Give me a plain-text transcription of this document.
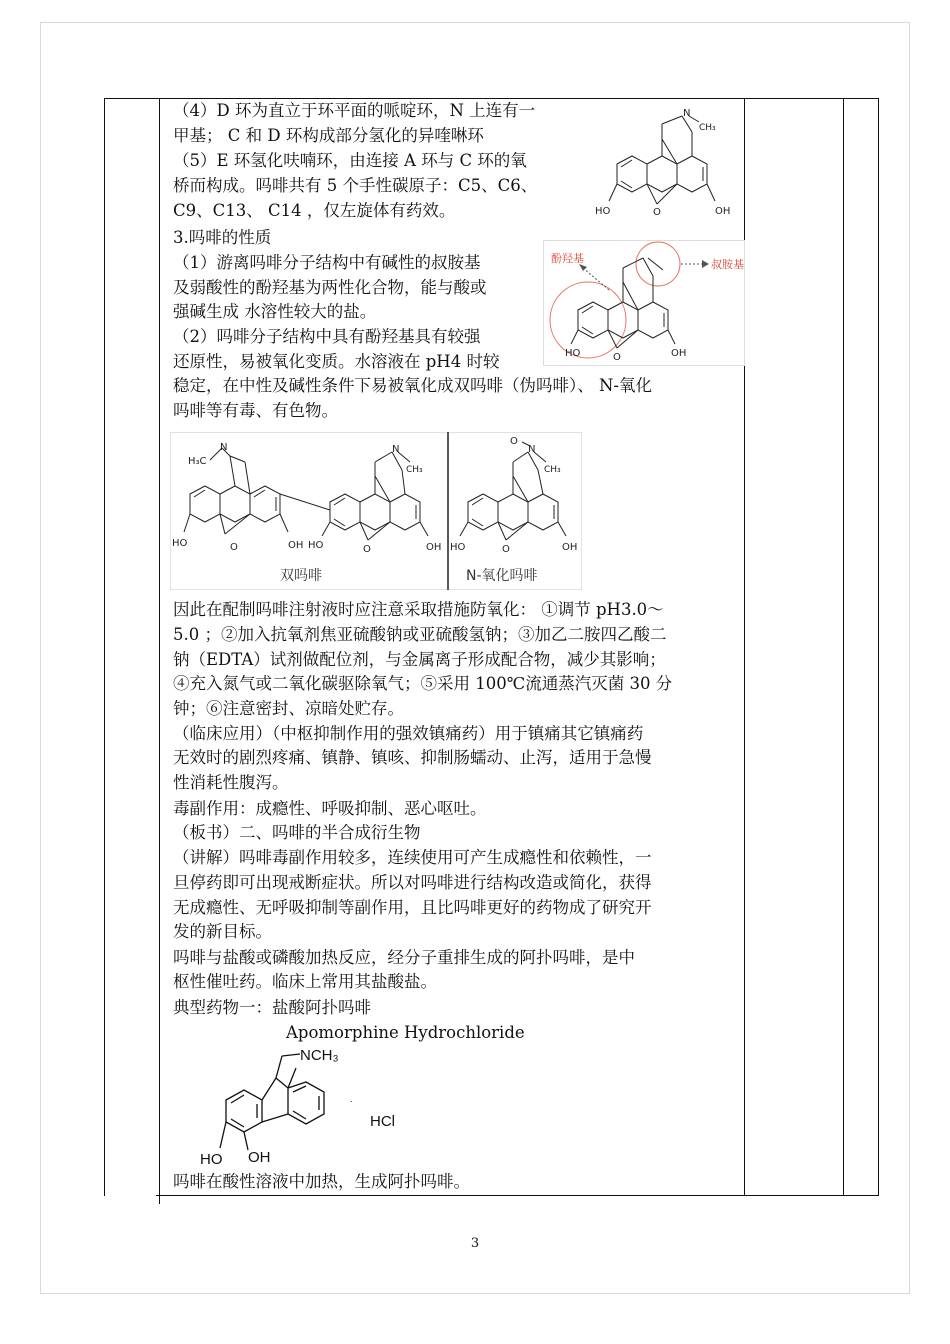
（4）D 环为直立于环平面的哌啶环，N 上连有一
甲基； C 和 D 环构成部分氢化的异喹啉环
（5）E 环氢化呋喃环，由连接 A 环与 C 环的氧
桥而构成。吗啡共有 5 个手性碳原子：C5、C6、
C9、C13、 C14 ，仅左旋体有药效。
3.吗啡的性质
（1）游离吗啡分子结构中有碱性的叔胺基
及弱酸性的酚羟基为两性化合物，能与酸或
强碱生成 水溶性较大的盐。
（2）吗啡分子结构中具有酚羟基具有较强
还原性，易被氧化变质。水溶液在 pH4 时较
稳定，在中性及碱性条件下易被氧化成双吗啡（伪吗啡）、 N-氧化
吗啡等有毒、有色物。
因此在配制吗啡注射液时应注意采取措施防氧化： ①调节 pH3.0～
5.0 ；②加入抗氧剂焦亚硫酸钠或亚硫酸氢钠；③加乙二胺四乙酸二
钠（EDTA）试剂做配位剂，与金属离子形成配合物，减少其影响；
④充入氮气或二氧化碳驱除氧气；⑤采用 100℃流通蒸汽灭菌 30 分
钟；⑥注意密封、凉暗处贮存。
（临床应用）（中枢抑制作用的强效镇痛药）用于镇痛其它镇痛药
无效时的剧烈疼痛、镇静、镇咳、抑制肠蠕动、止泻，适用于急慢
性消耗性腹泻。
毒副作用：成瘾性、呼吸抑制、恶心呕吐。
（板书）二、吗啡的半合成衍生物
（讲解）吗啡毒副作用较多，连续使用可产生成瘾性和依赖性，一
旦停药即可出现戒断症状。所以对吗啡进行结构改造或简化，获得
无成瘾性、无呼吸抑制等副作用，且比吗啡更好的药物成了研究开
发的新目标。
吗啡与盐酸或磷酸加热反应，经分子重排生成的阿扑吗啡，是中
枢性催吐药。临床上常用其盐酸盐。
典型药物一：盐酸阿扑吗啡
Apomorphine Hydrochloride
吗啡在酸性溶液中加热，生成阿扑吗啡。
N
CH₃
HO	O	OH
酚羟基	叔胺基
HO	O	OH
H₃C
N	N
CH₃
HO	OH HO
O	O	OH
O
N
CH₃
HO	O	OH
双吗啡	N-氧化吗啡
NCH₃
.
HCl
HO OH
3
